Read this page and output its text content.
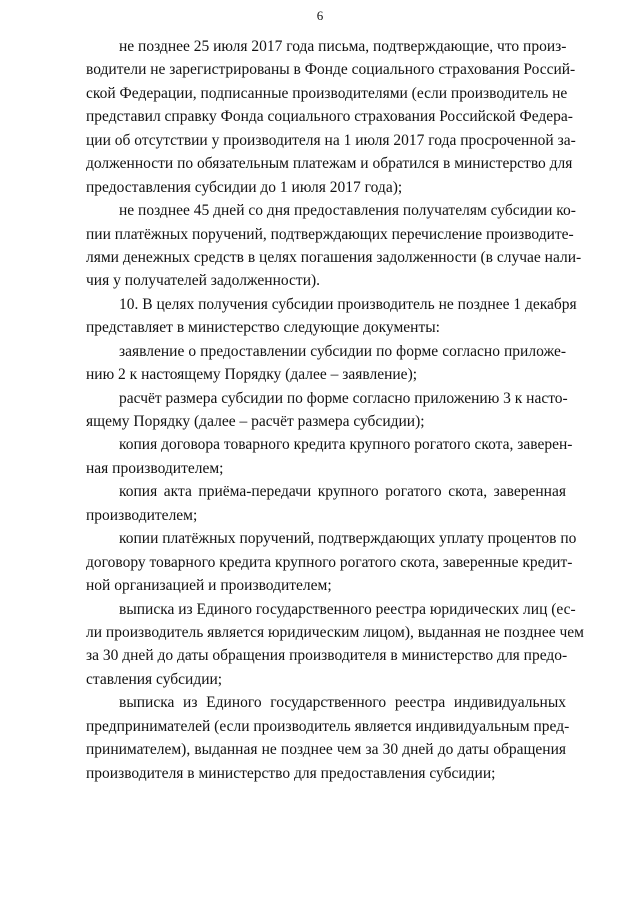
6
не позднее 25 июля 2017 года письма, подтверждающие, что произ-
водители не зарегистрированы в Фонде социального страхования Россий-
ской Федерации, подписанные производителями (если производитель не
представил справку Фонда социального страхования Российской Федера-
ции об отсутствии у производителя на 1 июля 2017 года просроченной за-
долженности по обязательным платежам и обратился в министерство для
предоставления субсидии до 1 июля 2017 года);
не позднее 45 дней со дня предоставления получателям субсидии ко-
пии платёжных поручений, подтверждающих перечисление производите-
лями денежных средств в целях погашения задолженности (в случае нали-
чия у получателей задолженности).
10. В целях получения субсидии производитель не позднее 1 декабря
представляет в министерство следующие документы:
заявление о предоставлении субсидии по форме согласно приложе-
нию 2 к настоящему Порядку (далее – заявление);
расчёт размера субсидии по форме согласно приложению 3 к насто-
ящему Порядку (далее – расчёт размера субсидии);
копия договора товарного кредита крупного рогатого скота, заверен-
ная производителем;
копия акта приёма-передачи крупного рогатого скота, заверенная
производителем;
копии платёжных поручений, подтверждающих уплату процентов по
договору товарного кредита крупного рогатого скота, заверенные кредит-
ной организацией и производителем;
выписка из Единого государственного реестра юридических лиц (ес-
ли производитель является юридическим лицом), выданная не позднее чем
за 30 дней до даты обращения производителя в министерство для предо-
ставления субсидии;
выписка из Единого государственного реестра индивидуальных
предпринимателей (если производитель является индивидуальным пред-
принимателем), выданная не позднее чем за 30 дней до даты обращения
производителя в министерство для предоставления субсидии;
